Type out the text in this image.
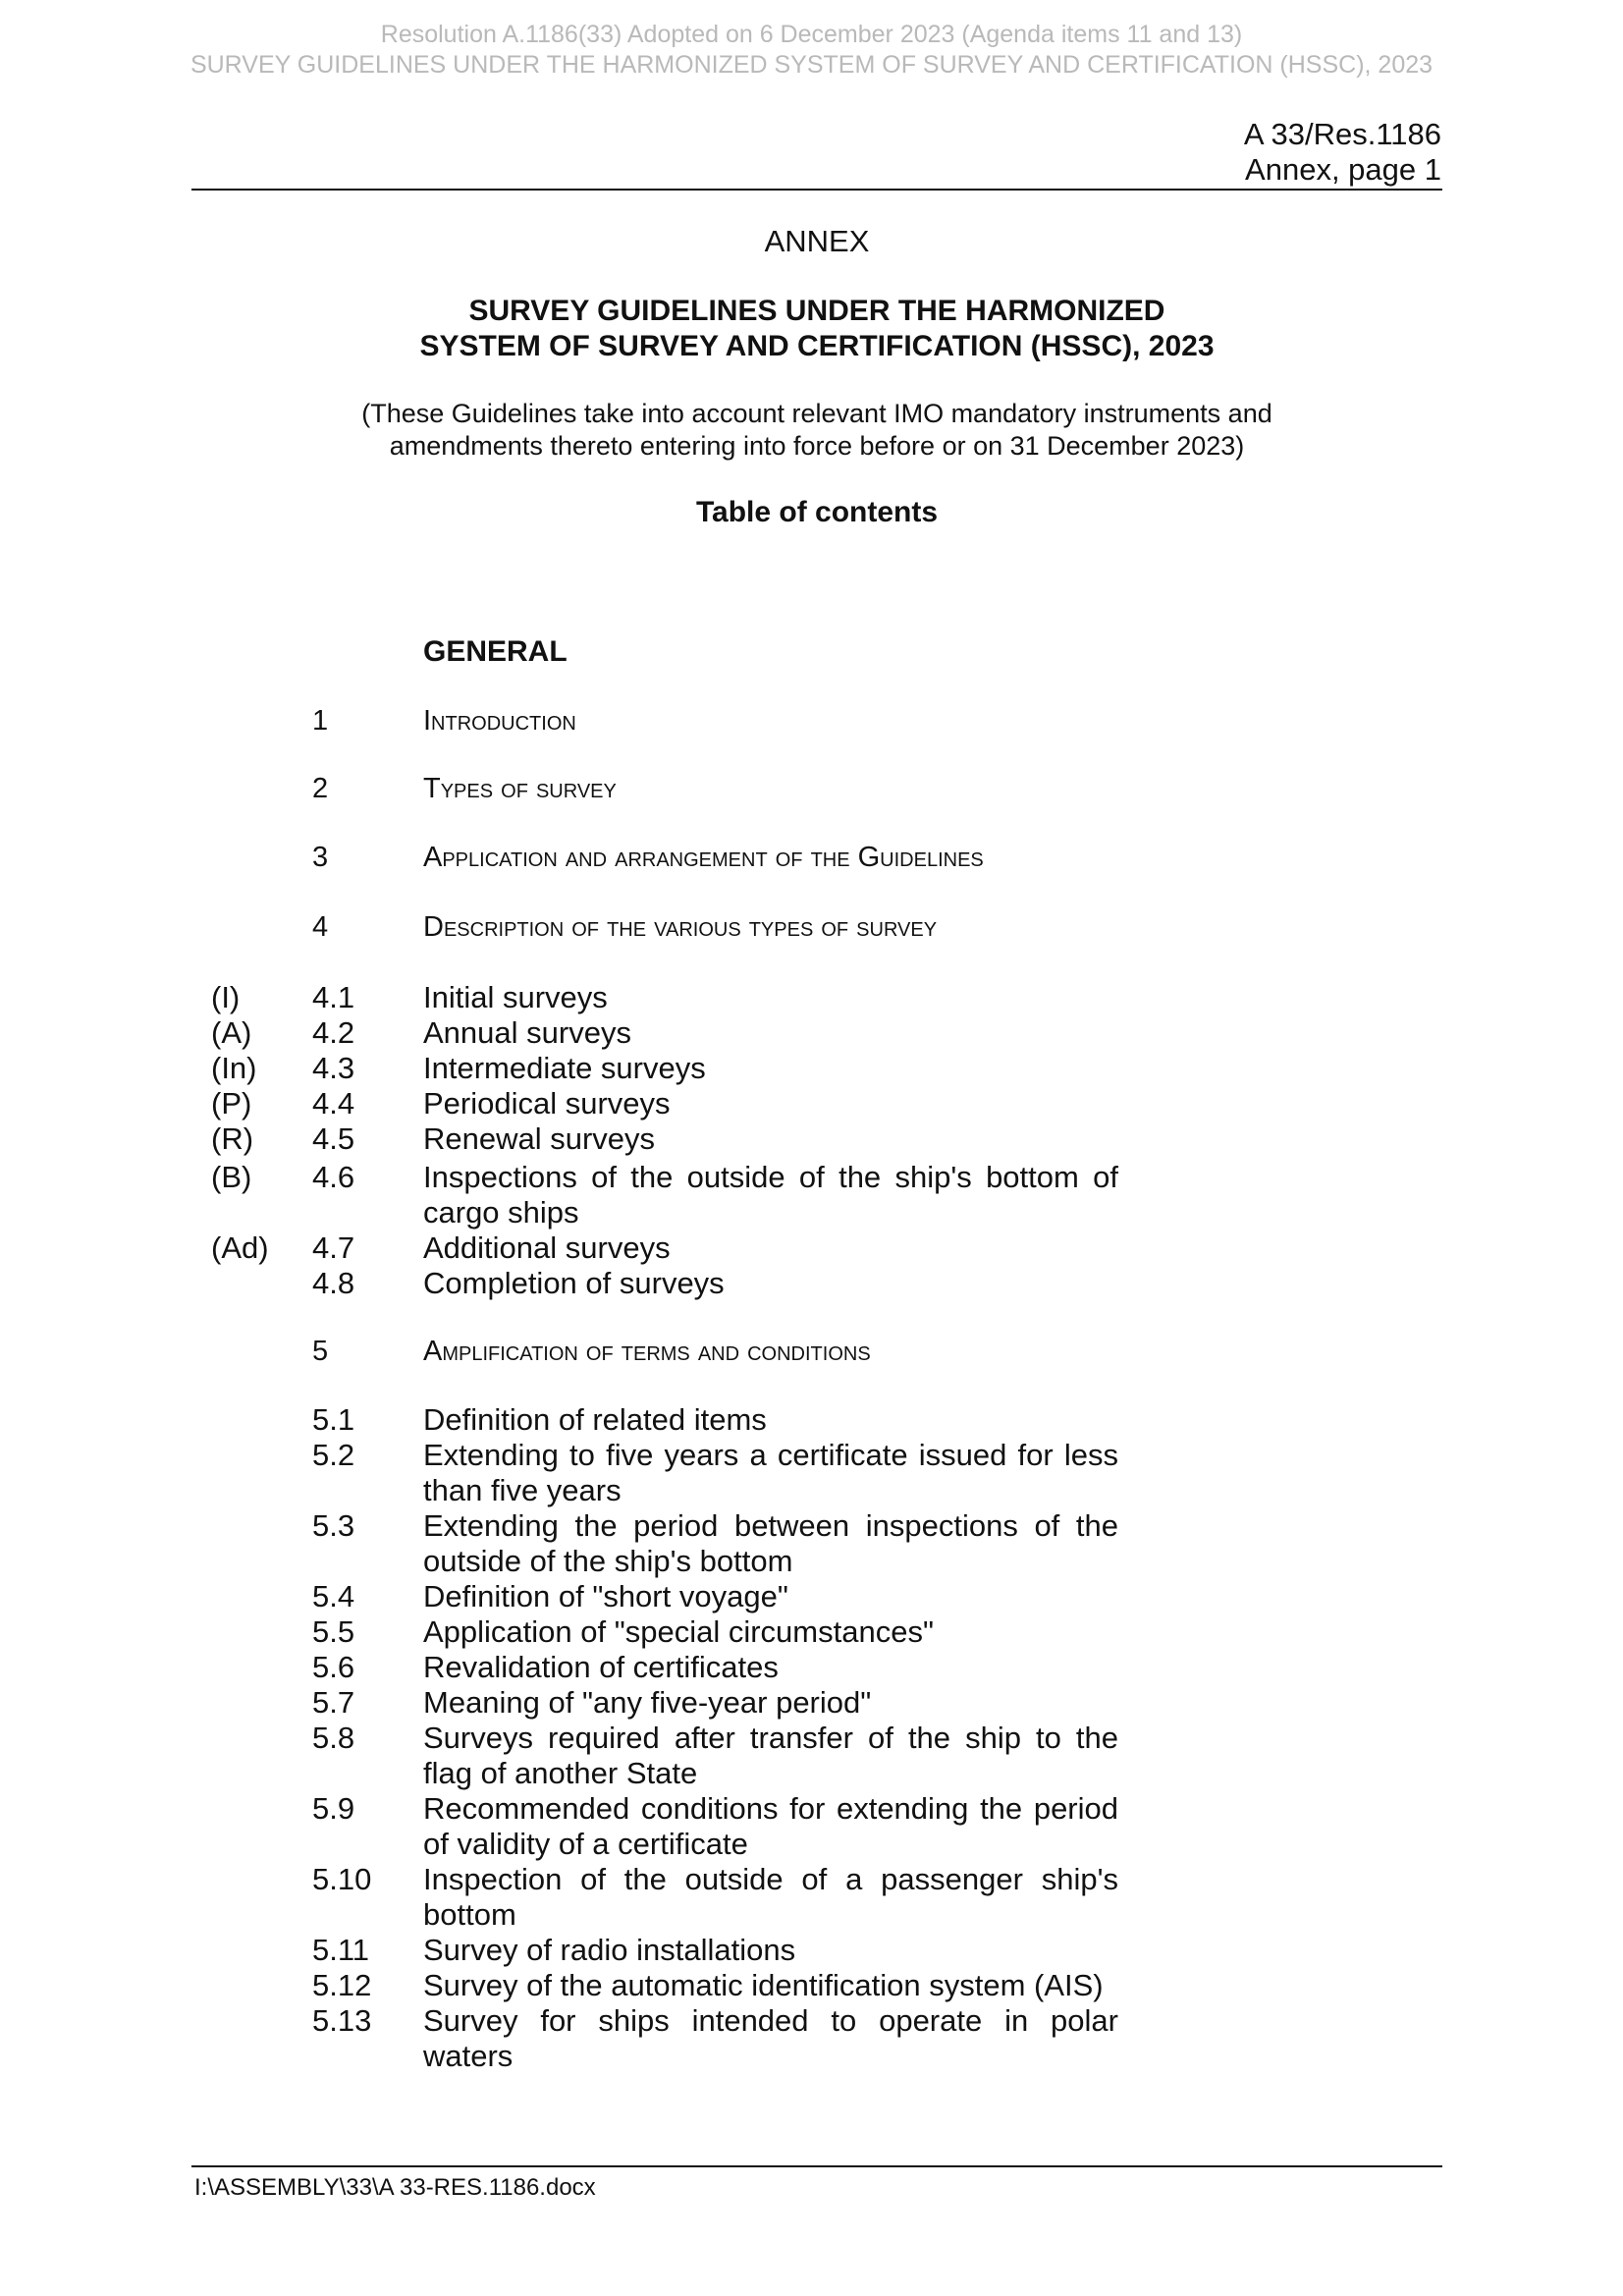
Resolution A.1186(33) Adopted on 6 December 2023 (Agenda items 11 and 13)
SURVEY GUIDELINES UNDER THE HARMONIZED SYSTEM OF SURVEY AND CERTIFICATION (HSSC), 2023
A 33/Res.1186
Annex, page 1
ANNEX
SURVEY GUIDELINES UNDER THE HARMONIZED
SYSTEM OF SURVEY AND CERTIFICATION (HSSC), 2023
(These Guidelines take into account relevant IMO mandatory instruments and
amendments thereto entering into force before or on 31 December 2023)
Table of contents
GENERAL
1	Introduction
2	Types of survey
3	Application and arrangement of the Guidelines
4	Description of the various types of survey
(I) 4.1 Initial surveys
(A) 4.2 Annual surveys
(In) 4.3 Intermediate surveys
(P) 4.4 Periodical surveys
(R) 4.5 Renewal surveys
(B) 4.6 Inspections of the outside of the ship's bottom of cargo ships
(Ad) 4.7 Additional surveys
4.8 Completion of surveys
5	Amplification of terms and conditions
5.1 Definition of related items
5.2 Extending to five years a certificate issued for less than five years
5.3 Extending the period between inspections of the outside of the ship's bottom
5.4 Definition of "short voyage"
5.5 Application of "special circumstances"
5.6 Revalidation of certificates
5.7 Meaning of "any five-year period"
5.8 Surveys required after transfer of the ship to the flag of another State
5.9 Recommended conditions for extending the period of validity of a certificate
5.10 Inspection of the outside of a passenger ship's bottom
5.11 Survey of radio installations
5.12 Survey of the automatic identification system (AIS)
5.13 Survey for ships intended to operate in polar waters
I:\ASSEMBLY\33\A 33-RES.1186.docx
